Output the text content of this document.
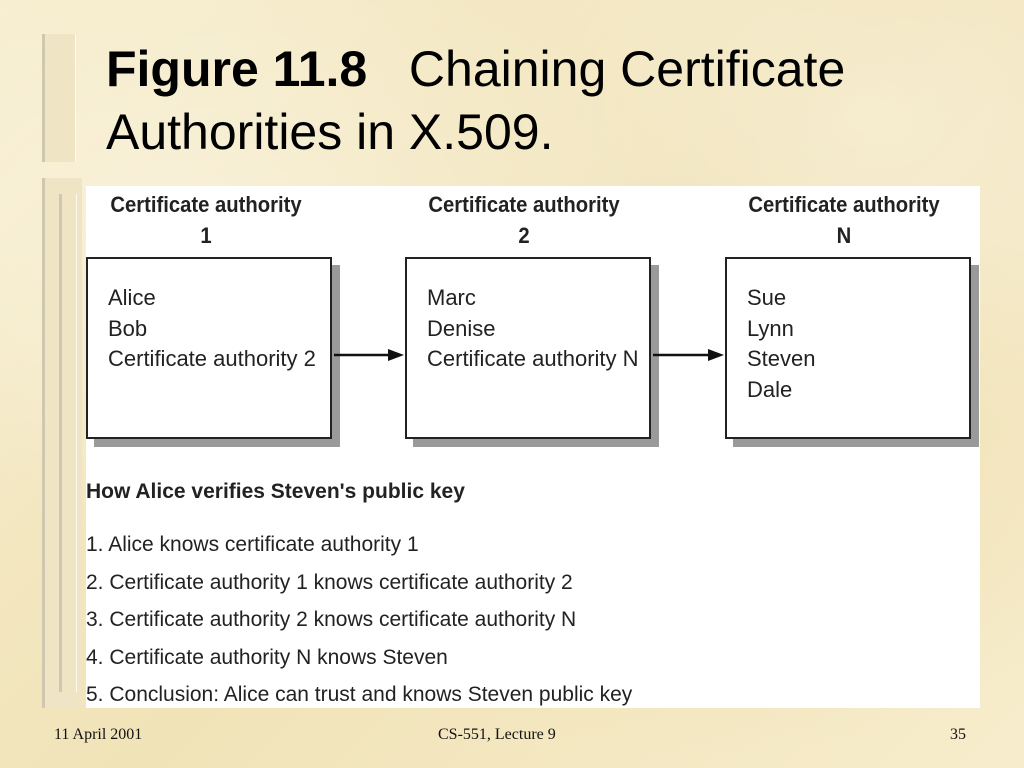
Figure 11.8 Chaining Certificate Authorities in X.509.
Certificate authority
1
Alice
Bob
Certificate authority 2
Certificate authority
2
Marc
Denise
Certificate authority N
Certificate authority
N
Sue
Lynn
Steven
Dale
How Alice verifies Steven's public key
1. Alice knows certificate authority 1
2. Certificate authority 1 knows certificate authority 2
3. Certificate authority 2 knows certificate authority N
4. Certificate authority N knows Steven
5. Conclusion: Alice can trust and knows Steven public key
11 April 2001	CS-551, Lecture 9	35
